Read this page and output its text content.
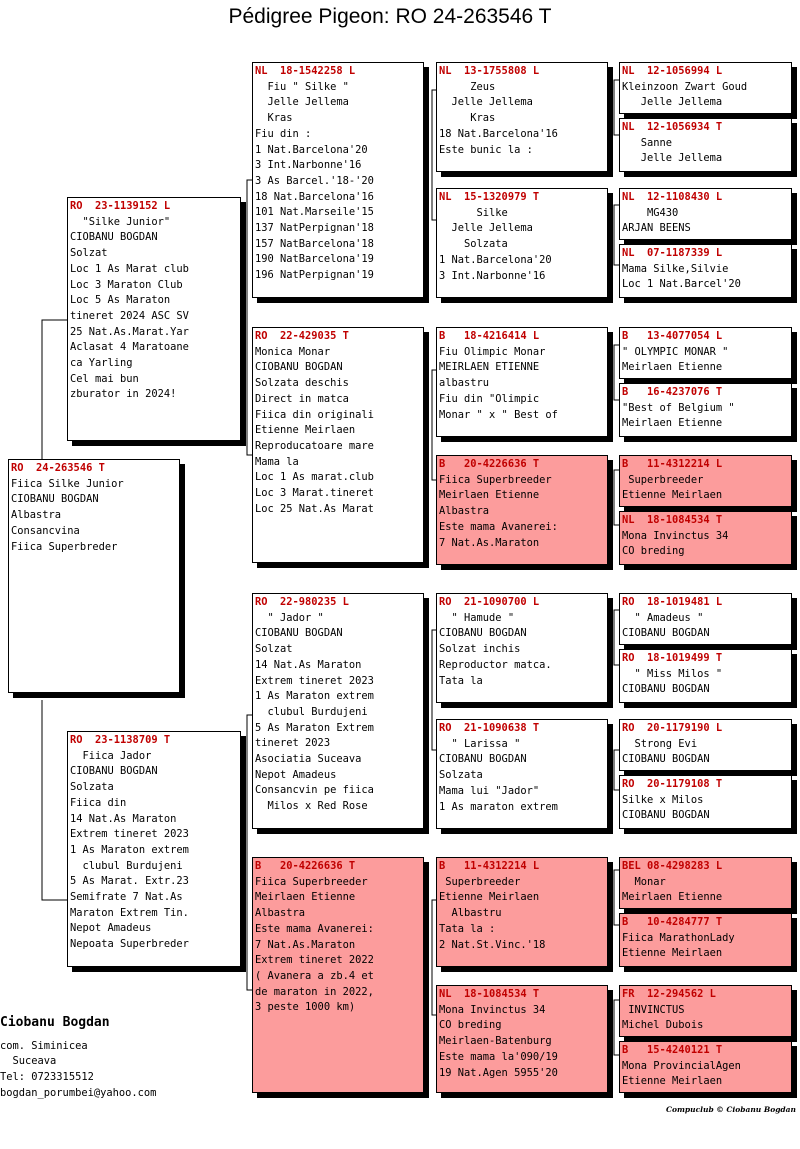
Pédigree Pigeon: RO 24-263546 T
RO  24-263546 T
Fiica Silke Junior
CIOBANU BOGDAN
Albastra
Consancvina
Fiica Superbreder
RO  23-1139152 L
"Silke Junior"
CIOBANU BOGDAN
Solzat
Loc 1 As Marat club
Loc 3 Maraton Club
Loc 5 As Maraton
tineret 2024 ASC SV
25 Nat.As.Marat.Yar
Aclasat 4 Maratoane
ca Yarling
Cel mai bun
zburator in 2024!
RO  23-1138709 T
Fiica Jador
CIOBANU BOGDAN
Solzata
Fiica din
14 Nat.As Maraton
Extrem tineret 2023
1 As Maraton extrem
clubul Burdujeni
5 As Marat. Extr.23
Semifrate 7 Nat.As
Maraton Extrem Tin.
Nepot Amadeus
Nepoata Superbreder
NL  18-1542258 L
Fiu " Silke "
Jelle Jellema
Kras
Fiu din :
1 Nat.Barcelona'20
3 Int.Narbonne'16
3 As Barcel.'18-'20
18 Nat.Barcelona'16
101 Nat.Marseile'15
137 NatPerpignan'18
157 NatBarcelona'18
190 NatBarcelona'19
196 NatPerpignan'19
RO  22-429035 T
Monica Monar
CIOBANU BOGDAN
Solzata deschis
Direct in matca
Fiica din originali
Etienne Meirlaen
Reproducatoare mare
Mama la
Loc 1 As marat.club
Loc 3 Marat.tineret
Loc 25 Nat.As Marat
RO  22-980235 L
" Jador "
CIOBANU BOGDAN
Solzat
14 Nat.As Maraton
Extrem tineret 2023
1 As Maraton extrem
clubul Burdujeni
5 As Maraton Extrem
tineret 2023
Asociatia Suceava
Nepot Amadeus
Consancvin pe fiica
Milos x Red Rose
B   20-4226636 T
Fiica Superbreeder
Meirlaen Etienne
Albastra
Este mama Avanerei:
7 Nat.As.Maraton
Extrem tineret 2022
( Avanera a zb.4 et
de maraton in 2022,
3 peste 1000 km)
NL  13-1755808 L
Zeus
Jelle Jellema
Kras
18 Nat.Barcelona'16
Este bunic la :
NL  15-1320979 T
Silke
Jelle Jellema
Solzata
1 Nat.Barcelona'20
3 Int.Narbonne'16
B   18-4216414 L
Fiu Olimpic Monar
MEIRLAEN ETIENNE
albastru
Fiu din "Olimpic
Monar " x " Best of
B   20-4226636 T
Fiica Superbreeder
Meirlaen Etienne
Albastra
Este mama Avanerei:
7 Nat.As.Maraton
RO  21-1090700 L
" Hamude "
CIOBANU BOGDAN
Solzat inchis
Reproductor matca.
Tata la
RO  21-1090638 T
" Larissa "
CIOBANU BOGDAN
Solzata
Mama lui "Jador"
1 As maraton extrem
B   11-4312214 L
Superbreeder
Etienne Meirlaen
Albastru
Tata la :
2 Nat.St.Vinc.'18
NL  18-1084534 T
Mona Invinctus 34
CO breding
Meirlaen-Batenburg
Este mama la'090/19
19 Nat.Agen 5955'20
NL  12-1056994 L
Kleinzoon Zwart Goud
Jelle Jellema
NL  12-1056934 T
Sanne
Jelle Jellema
NL  12-1108430 L
MG430
ARJAN BEENS
NL  07-1187339 L
Mama Silke,Silvie
Loc 1 Nat.Barcel'20
B   13-4077054 L
" OLYMPIC MONAR "
Meirlaen Etienne
B   16-4237076 T
"Best of Belgium "
Meirlaen Etienne
B   11-4312214 L
Superbreeder
Etienne Meirlaen
NL  18-1084534 T
Mona Invinctus 34
CO breding
RO  18-1019481 L
" Amadeus "
CIOBANU BOGDAN
RO  18-1019499 T
" Miss Milos "
CIOBANU BOGDAN
RO  20-1179190 L
Strong Evi
CIOBANU BOGDAN
RO  20-1179108 T
Silke x Milos
CIOBANU BOGDAN
BEL 08-4298283 L
Monar
Meirlaen Etienne
B   10-4284777 T
Fiica MarathonLady
Etienne Meirlaen
FR  12-294562 L
INVINCTUS
Michel Dubois
B   15-4240121 T
Mona ProvincialAgen
Etienne Meirlaen
Ciobanu Bogdan
com. Siminicea
Suceava
Tel: 0723315512
bogdan_porumbei@yahoo.com
Compuclub © Ciobanu Bogdan
